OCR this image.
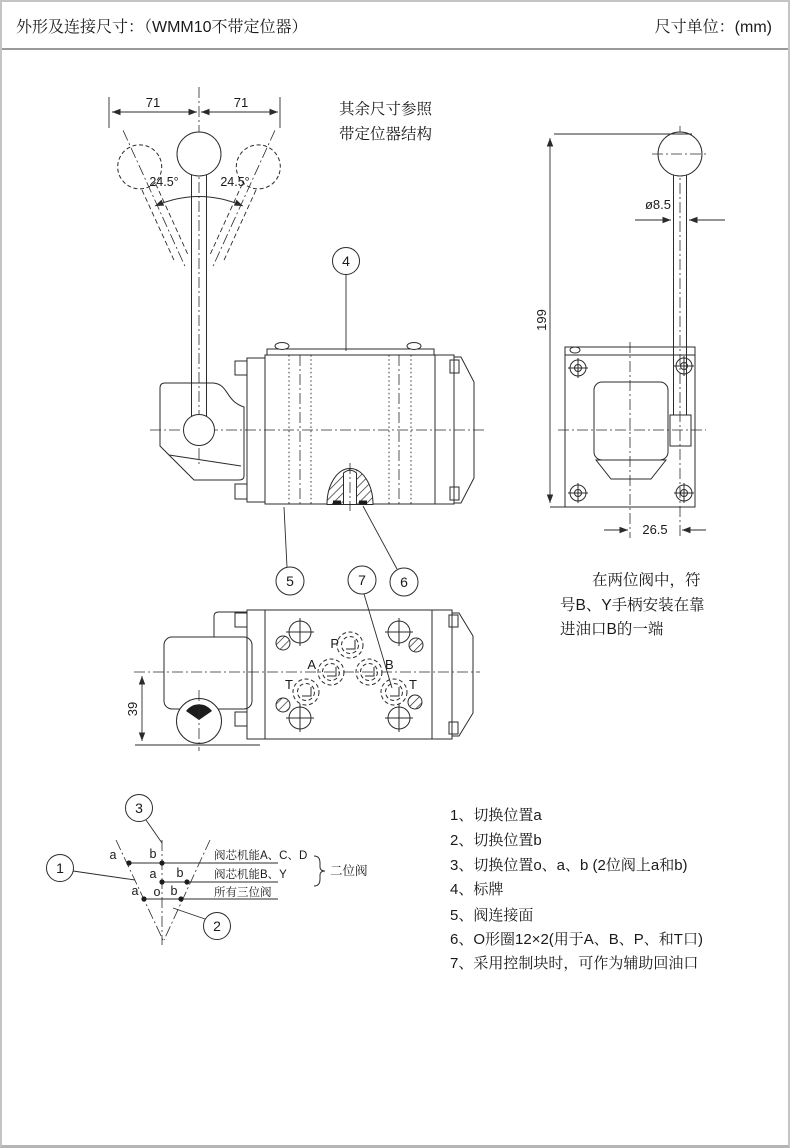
外形及连接尺寸：（WMM10不带定位器）	尺寸单位：(mm)
71	71
24.5°	24.5°
其余尺寸参照
带定位器结构
4
5	7 6
ø8.5
199
26.5
在两位阀中，符
号B、Y手柄安装在靠
进油口B的一端
P
A	B
T	T
39
a	b
a b
a o b
阀芯机能A、C、D
阀芯机能B、Y
所有三位阀
二位阀
3
1
2
1、切换位置a
2、切换位置b
3、切换位置o、a、b (2位阀上a和b)
4、标牌
5、阀连接面
6、O形圈12×2(用于A、B、P、和T口)
7、采用控制块时，可作为辅助回油口
